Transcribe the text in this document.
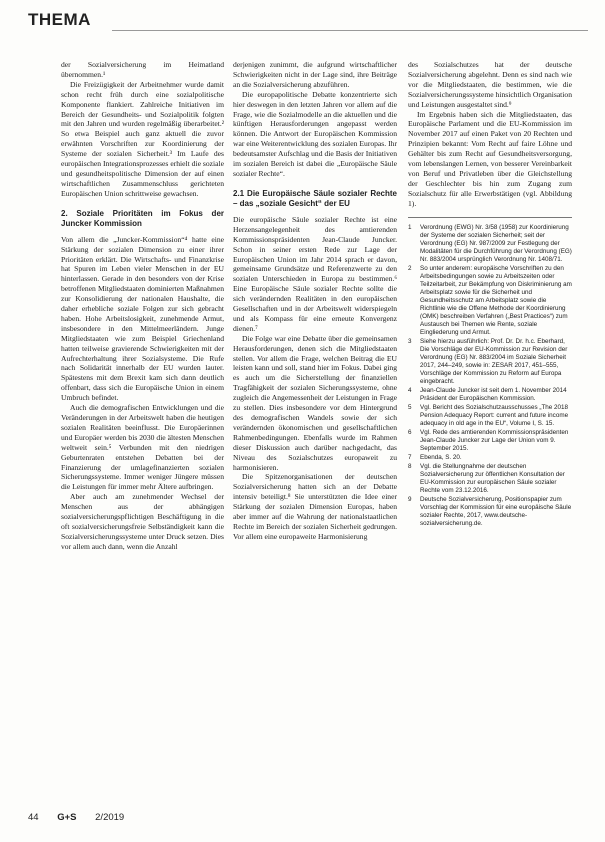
THEMA

der Sozialversicherung im Heimatland übernommen.¹

Die Freizügigkeit der Arbeitnehmer wurde damit schon recht früh durch eine sozialpolitische Komponente flankiert. Zahlreiche Initiativen im Bereich der Gesundheits- und Sozialpolitik folgten mit den Jahren und wurden regelmäßig überarbeitet.² So etwa Beispiel auch ganz aktuell die zuvor erwähnten Vorschriften zur Koordinierung der Systeme der sozialen Sicherheit.³ Im Laufe des europäischen Integrationsprozesses erhielt die soziale und gesundheitspolitische Dimension der auf einen wirtschaftlichen Zusammenschluss gerichteten Europäischen Union schrittweise gewachsen.

2. Soziale Prioritäten im Fokus der Juncker Kommission

Von allem die „Juncker-Kommission“⁴ hatte eine Stärkung der sozialen Dimension zu einer ihrer Prioritäten erklärt. Die Wirtschafts- und Finanzkrise hat Spuren im Leben vieler Menschen in der EU hinterlassen. Gerade in den besonders von der Krise betroffenen Mitgliedstaaten dominierten Maßnahmen zur Konsolidierung der nationalen Haushalte, die daher erhebliche soziale Folgen zur sich gebracht haben. Hohe Arbeitslosigkeit, zunehmende Armut, insbesondere in den Mittelmeerländern. Junge Mitgliedstaaten wie zum Beispiel Griechenland hatten teilweise gravierende Schwierigkeiten mit der Aufrechterhaltung ihrer Sozialsysteme. Die Rufe nach Solidarität innerhalb der EU wurden lauter. Spätestens mit dem Brexit kam sich dann deutlich offenbart, dass sich die Europäische Union in einem Umbruch befindet.

Auch die demografischen Entwicklungen und die Veränderungen in der Arbeitswelt haben die heutigen sozialen Realitäten beeinflusst. Die Europäerinnen und Europäer werden bis 2030 die ältesten Menschen weltweit sein.⁵ Verbunden mit den niedrigen Geburtenraten entstehen Debatten bei der Finanzierung der umlagefinanzierten sozialen Sicherungssysteme. Immer weniger Jüngere müssen die Leistungen für immer mehr Ältere aufbringen.

Aber auch am zunehmender Wechsel der Menschen aus der abhängigen sozialversicherungspflichtigen Beschäftigung in die oft sozialversicherungsfreie Selbständigkeit kann die Sozialversicherungssysteme unter Druck setzen. Dies vor allem auch dann, wenn die Anzahl

derjenigen zunimmt, die aufgrund wirtschaftlicher Schwierigkeiten nicht in der Lage sind, ihre Beiträge an die Sozialversicherung abzuführen.

Die europapolitische Debatte konzentrierte sich hier deswegen in den letzten Jahren vor allem auf die Frage, wie die Sozialmodelle an die aktuellen und die künftigen Herausforderungen angepasst werden können. Die Antwort der Europäischen Kommission war eine Weiterentwicklung des sozialen Europas. Ihr bedeutsamster Aufschlag und die Basis der Initiativen im sozialen Bereich ist dabei die „Europäische Säule sozialer Rechte“.

2.1 Die Europäische Säule sozialer Rechte – das „soziale Gesicht“ der EU

Die europäische Säule sozialer Rechte ist eine Herzensangelegenheit des amtierenden Kommissionspräsidenten Jean-Claude Juncker. Schon in seiner ersten Rede zur Lage der Europäischen Union im Jahr 2014 sprach er davon, gemeinsame Grundsätze und Referenzwerte zu den sozialen Unterschieden in Europa zu bestimmen.⁶ Eine Europäische Säule sozialer Rechte sollte die sich verändernden Realitäten in den europäischen Gesellschaften und in der Arbeitswelt widerspiegeln und als Kompass für eine erneute Konvergenz dienen.⁷

Die Folge war eine Debatte über die gemeinsamen Herausforderungen, denen sich die Mitgliedstaaten stellen. Vor allem die Frage, welchen Beitrag die EU leisten kann und soll, stand hier im Fokus. Dabei ging es auch um die Sicherstellung der finanziellen Tragfähigkeit der sozialen Sicherungssysteme, ohne zugleich die Angemessenheit der Leistungen in Frage zu stellen. Dies insbesondere vor dem Hintergrund des demografischen Wandels sowie der sich verändernden ökonomischen und gesellschaftlichen Rahmenbedingungen. Ebenfalls wurde im Rahmen dieser Diskussion auch darüber nachgedacht, das Niveau des Sozialschutzes europaweit zu harmonisieren.

Die Spitzenorganisationen der deutschen Sozialversicherung hatten sich an der Debatte intensiv beteiligt.⁸ Sie unterstützten die Idee einer Stärkung der sozialen Dimension Europas, haben aber immer auf die Wahrung der nationalstaatlichen Rechte im Bereich der sozialen Sicherheit gedrungen. Vor allem eine europaweite Harmonisierung

des Sozialschutzes hat der deutsche Sozialversicherung abgelehnt. Denn es sind nach wie vor die Mitgliedstaaten, die bestimmen, wie die Sozialversicherungssysteme hinsichtlich Organisation und Leistungen ausgestaltet sind.⁹

Im Ergebnis haben sich die Mitgliedstaaten, das Europäische Parlament und die EU-Kommission im November 2017 auf einen Paket von 20 Rechten und Prinzipien bekannt: Vom Recht auf faire Löhne und Gehälter bis zum Recht auf Gesundheitsversorgung, vom lebenslangen Lernen, von besserer Vereinbarkeit von Beruf und Privatleben über die Gleichstellung der Geschlechter bis hin zum Zugang zum Sozialschutz für alle Erwerbstätigen (vgl. Abbildung 1).

1	Verordnung (EWG) Nr. 3/58 (1958) zur Koordinierung der Systeme der sozialen Sicherheit; seit der Verordnung (EG) Nr. 987/2009 zur Festlegung der Modalitäten für die Durchführung der Verordnung (EG) Nr. 883/2004 ursprünglich Verordnung Nr. 1408/71.
2	So unter anderem: europäische Vorschriften zu den Arbeitsbedingungen sowie zu Arbeitszeiten oder Teilzeitarbeit, zur Bekämpfung von Diskriminierung am Arbeitsplatz sowie für die Sicherheit und Gesundheitsschutz am Arbeitsplatz sowie die Richtlinie wie die Offene Methode der Koordinierung (OMK) beschreiben Verfahren („Best Practices“) zum Austausch bei Themen wie Rente, soziale Eingliederung und Armut.
3	Siehe hierzu ausführlich: Prof. Dr. Dr. h.c. Eberhard, Die Vorschläge der EU-Kommission zur Revision der Verordnung (EG) Nr. 883/2004 im Soziale Sicherheit 2017, 244–249, sowie in: ZESAR 2017, 451–555, Vorschläge der Kommission zu Reform auf Europa eingebracht.
4	Jean-Claude Juncker ist seit dem 1. November 2014 Präsident der Europäischen Kommission.
5	Vgl. Bericht des Sozialschutzausschusses „The 2018 Pension Adequacy Report: current and future income adequacy in old age in the EU“, Volume I, S. 15.
6	Vgl. Rede des amtierenden Kommissionspräsidenten Jean-Claude Juncker zur Lage der Union vom 9. September 2015.
7	Ebenda, S. 20.
8	Vgl. die Stellungnahme der deutschen Sozialversicherung zur öffentlichen Konsultation der EU-Kommission zur europäischen Säule sozialer Rechte vom 23.12.2016.
9	Deutsche Sozialversicherung, Positionspapier zum Vorschlag der Kommission für eine europäische Säule sozialer Rechte, 2017, www.deutsche-sozialversicherung.de.
44 G+S 2/2019
